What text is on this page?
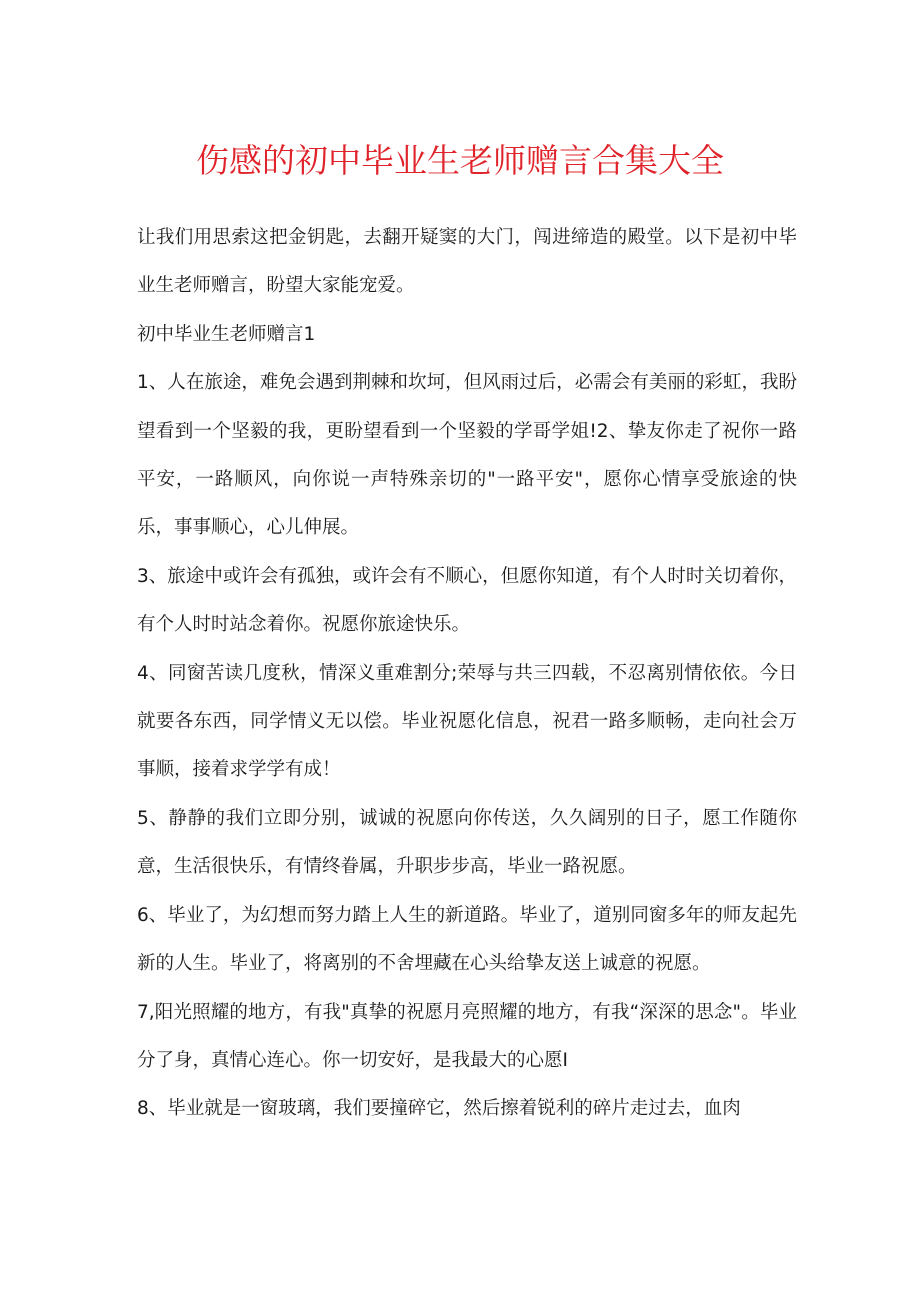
伤感的初中毕业生老师赠言合集大全

让我们用思索这把金钥匙，去翻开疑窦的大门，闯进缔造的殿堂。以下是初中毕业生老师赠言，盼望大家能宠爱。

初中毕业生老师赠言1

1、人在旅途，难免会遇到荆棘和坎坷，但风雨过后，必需会有美丽的彩虹，我盼望看到一个坚毅的我，更盼望看到一个坚毅的学哥学姐!2、挚友你走了祝你一路平安，一路顺风，向你说一声特殊亲切的"一路平安"，愿你心情享受旅途的快乐，事事顺心，心儿伸展。

3、旅途中或许会有孤独，或许会有不顺心，但愿你知道，有个人时时关切着你，有个人时时站念着你。祝愿你旅途快乐。

4、同窗苦读几度秋，情深义重难割分;荣辱与共三四载，不忍离别情依依。今日就要各东西，同学情义无以偿。毕业祝愿化信息，祝君一路多顺畅，走向社会万事顺，接着求学学有成！

5、静静的我们立即分别，诚诚的祝愿向你传送，久久阔别的日子，愿工作随你意，生活很快乐，有情终眷属，升职步步高，毕业一路祝愿。

6、毕业了，为幻想而努力踏上人生的新道路。毕业了，道别同窗多年的师友起先新的人生。毕业了，将离别的不舍埋藏在心头给挚友送上诚意的祝愿。

7,阳光照耀的地方，有我"真挚的祝愿月亮照耀的地方，有我“深深的思念"。毕业分了身，真情心连心。你一切安好，是我最大的心愿I

8、毕业就是一窗玻璃，我们要撞碎它，然后擦着锐利的碎片走过去，血肉
